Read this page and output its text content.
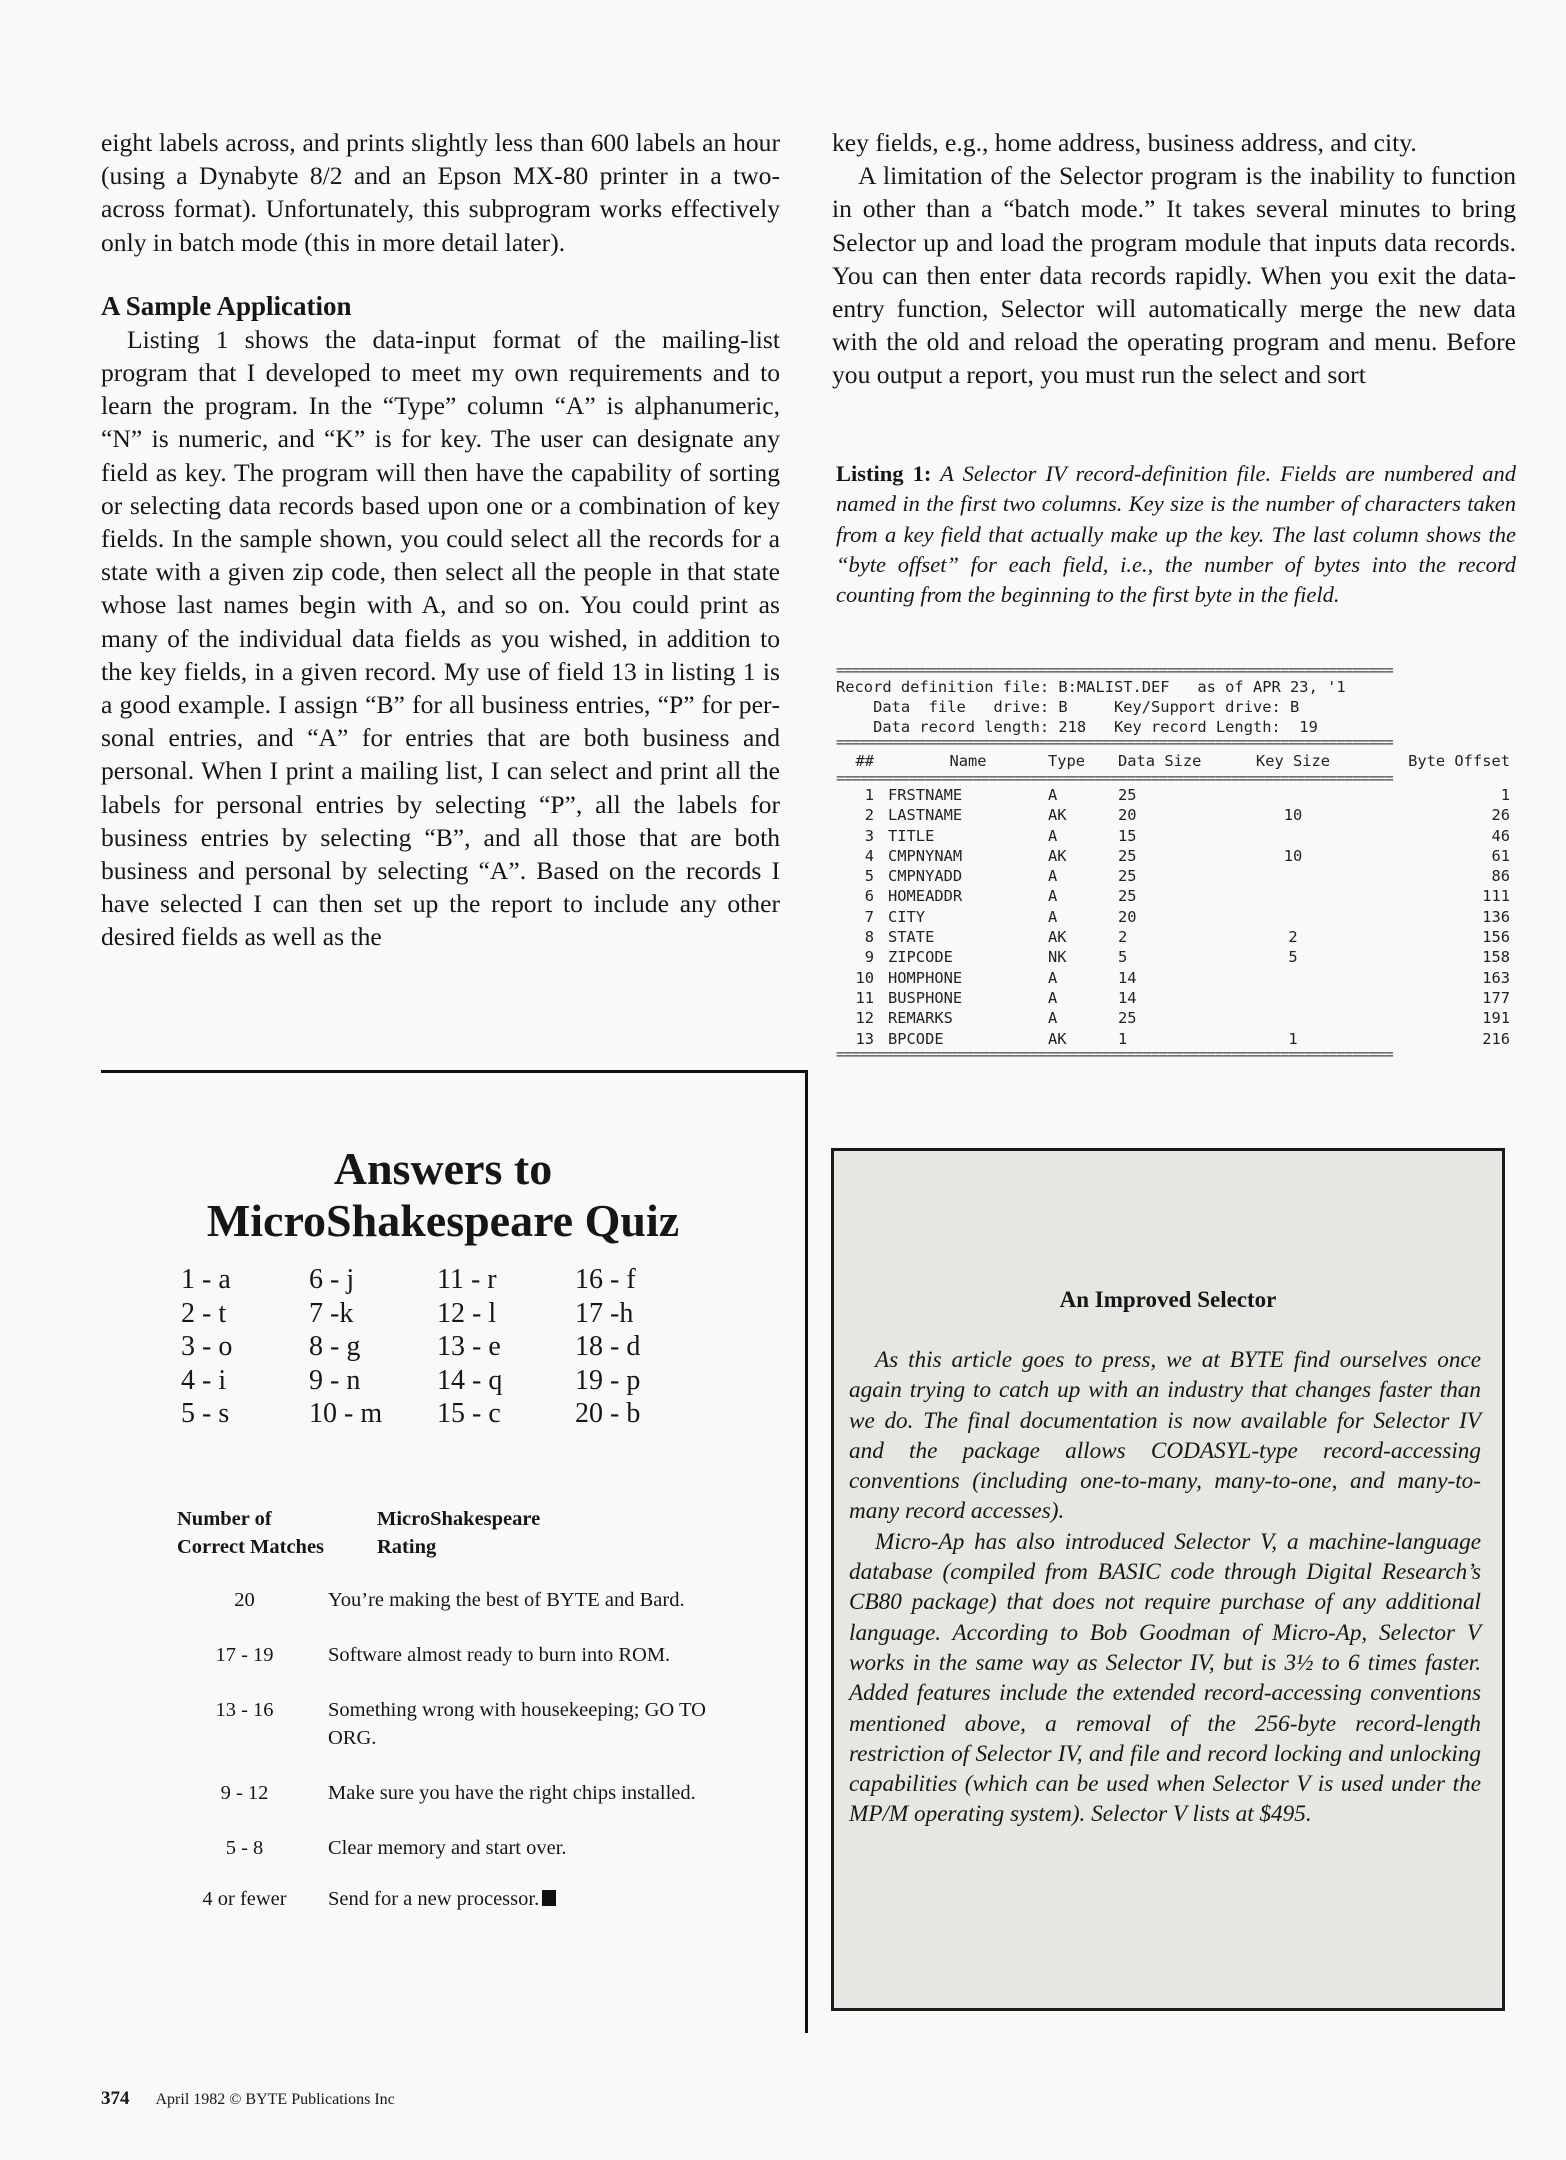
eight labels across, and prints slightly less than 600 labels an hour (using a Dynabyte 8/2 and an Epson MX-80 printer in a two-across format). Unfortunately, this subprogram works effectively only in batch mode (this in more detail later).

A Sample Application

Listing 1 shows the data-input format of the mailing-list program that I developed to meet my own requirements and to learn the program. In the “Type” column “A” is alphanumeric, “N” is numeric, and “K” is for key. The user can designate any field as key. The program will then have the capability of sorting or selecting data records based upon one or a combination of key fields. In the sample shown, you could select all the records for a state with a given zip code, then select all the people in that state whose last names begin with A, and so on. You could print as many of the individual data fields as you wished, in addition to the key fields, in a given record. My use of field 13 in listing 1 is a good example. I assign “B” for all business entries, “P” for personal entries, and “A” for entries that are both business and personal. When I print a mailing list, I can select and print all the labels for personal entries by selecting “P”, all the labels for business entries by selecting “B”, and all those that are both business and personal by selecting “A”. Based on the records I have selected I can then set up the report to include any other desired fields as well as the

key fields, e.g., home address, business address, and city.

A limitation of the Selector program is the inability to function in other than a “batch mode.” It takes several minutes to bring Selector up and load the program module that inputs data records. You can then enter data records rapidly. When you exit the data-entry function, Selector will automatically merge the new data with the old and reload the operating program and menu. Before you output a report, you must run the select and sort

Listing 1: A Selector IV record-definition file. Fields are numbered and named in the first two columns. Key size is the number of characters taken from a key field that actually make up the key. The last column shows the “byte offset” for each field, i.e., the number of bytes into the record counting from the beginning to the first byte in the field.

=====================================================================
Record definition file: B:MALIST.DEF   as of APR 23, '1
Data  file   drive: B     Key/Support drive: B
Data record length: 218   Key record Length:  19
=====================================================================
##	Name	Type	Data Size	Key Size	Byte Offset

=====================================================================					

1	FRSTNAME	A	25		1
2	LASTNAME	AK	20	10	26
3	TITLE	A	15		46
4	CMPNYNAM	AK	25	10	61
5	CMPNYADD	A	25		86
6	HOMEADDR	A	25		111
7	CITY	A	20		136
8	STATE	AK	2	2	156
9	ZIPCODE	NK	5	5	158
10	HOMPHONE	A	14		163
11	BUSPHONE	A	14		177
12	REMARKS	A	25		191
13	BPCODE	AK	1	1	216
=====================================================================
Answers to
MicroShakespeare Quiz
1 - a	6 - j	11 - r	16 - f
2 - t	7 -k	12 - l	17 -h
3 - o	8 - g	13 - e	18 - d
4 - i	9 - n	14 - q	19 - p
5 - s	10 - m	15 - c	20 - b
Number of
Correct Matches
MicroShakespeare
Rating
20	You’re making the best of BYTE and Bard.
17 - 19	Software almost ready to burn into ROM.
13 - 16	Something wrong with housekeeping; GO TO ORG.
9 - 12	Make sure you have the right chips installed.
5 - 8	Clear memory and start over.
4 or fewer	Send for a new processor.
An Improved Selector

As this article goes to press, we at BYTE find ourselves once again trying to catch up with an industry that changes faster than we do. The final documentation is now available for Selector IV and the package allows CODASYL-type record-accessing conventions (including one-to-many, many-to-one, and many-to-many record accesses).

Micro-Ap has also introduced Selector V, a machine-language database (compiled from BASIC code through Digital Research’s CB80 package) that does not require purchase of any additional language. According to Bob Goodman of Micro-Ap, Selector V works in the same way as Selector IV, but is 3½ to 6 times faster. Added features include the extended record-accessing conventions mentioned above, a removal of the 256-byte record-length restriction of Selector IV, and file and record locking and unlocking capabilities (which can be used when Selector V is used under the MP/M operating system). Selector V lists at $495.

374 April 1982 © BYTE Publications Inc
